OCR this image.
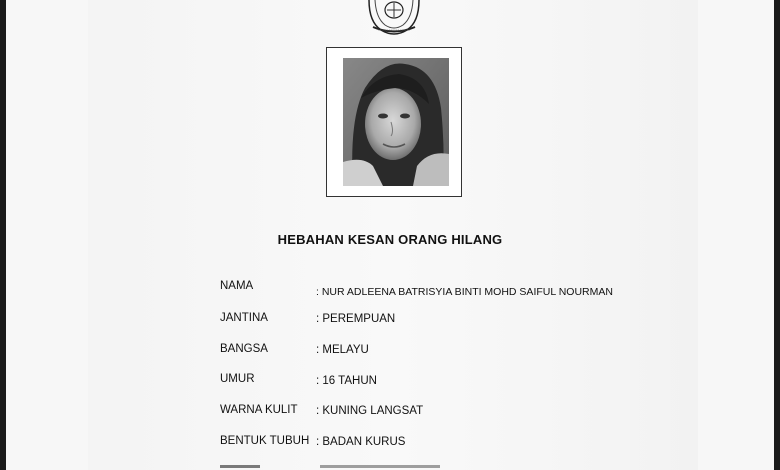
HEBAHAN KESAN ORANG HILANG
NAMA	: NUR ADLEENA BATRISYIA BINTI MOHD SAIFUL NOURMAN
JANTINA	: PEREMPUAN
BANGSA	: MELAYU
UMUR	: 16 TAHUN
WARNA KULIT : KUNING LANGSAT
BENTUK TUBUH : BADAN KURUS
